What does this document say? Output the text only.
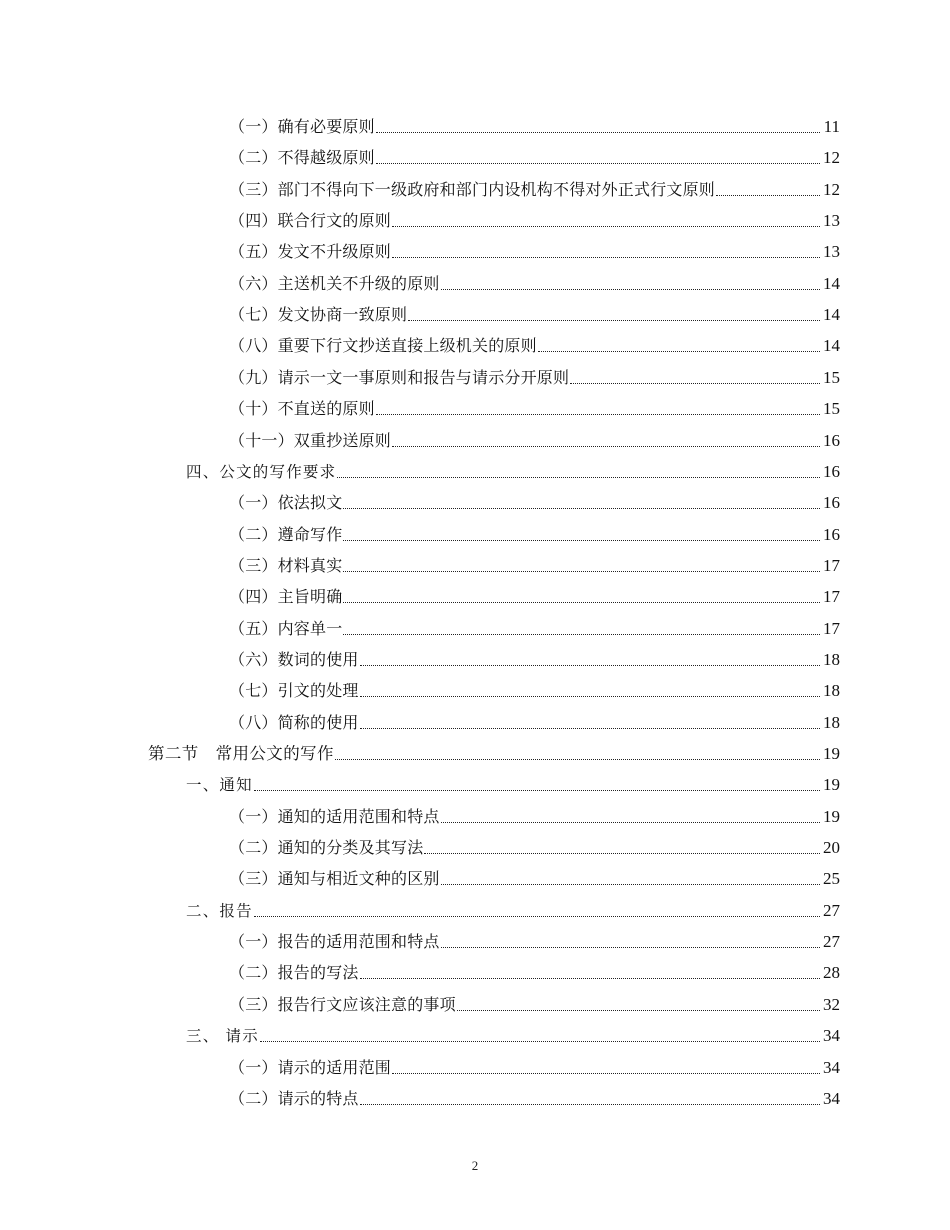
（一）确有必要原则	11
（二）不得越级原则	12
（三）部门不得向下一级政府和部门内设机构不得对外正式行文原则	12
（四）联合行文的原则	13
（五）发文不升级原则	13
（六）主送机关不升级的原则	14
（七）发文协商一致原则	14
（八）重要下行文抄送直接上级机关的原则	14
（九）请示一文一事原则和报告与请示分开原则	15
（十）不直送的原则	15
（十一）双重抄送原则	16
四、公文的写作要求	16
（一）依法拟文	16
（二）遵命写作	16
（三）材料真实	17
（四）主旨明确	17
（五）内容单一	17
（六）数词的使用	18
（七）引文的处理	18
（八）简称的使用	18
第二节　常用公文的写作	19
一、通知	19
（一）通知的适用范围和特点	19
（二）通知的分类及其写法	20
（三）通知与相近文种的区别	25
二、报告	27
（一）报告的适用范围和特点	27
（二）报告的写法	28
（三）报告行文应该注意的事项	32
三、 请示	34
（一）请示的适用范围	34
（二）请示的特点	34
2
